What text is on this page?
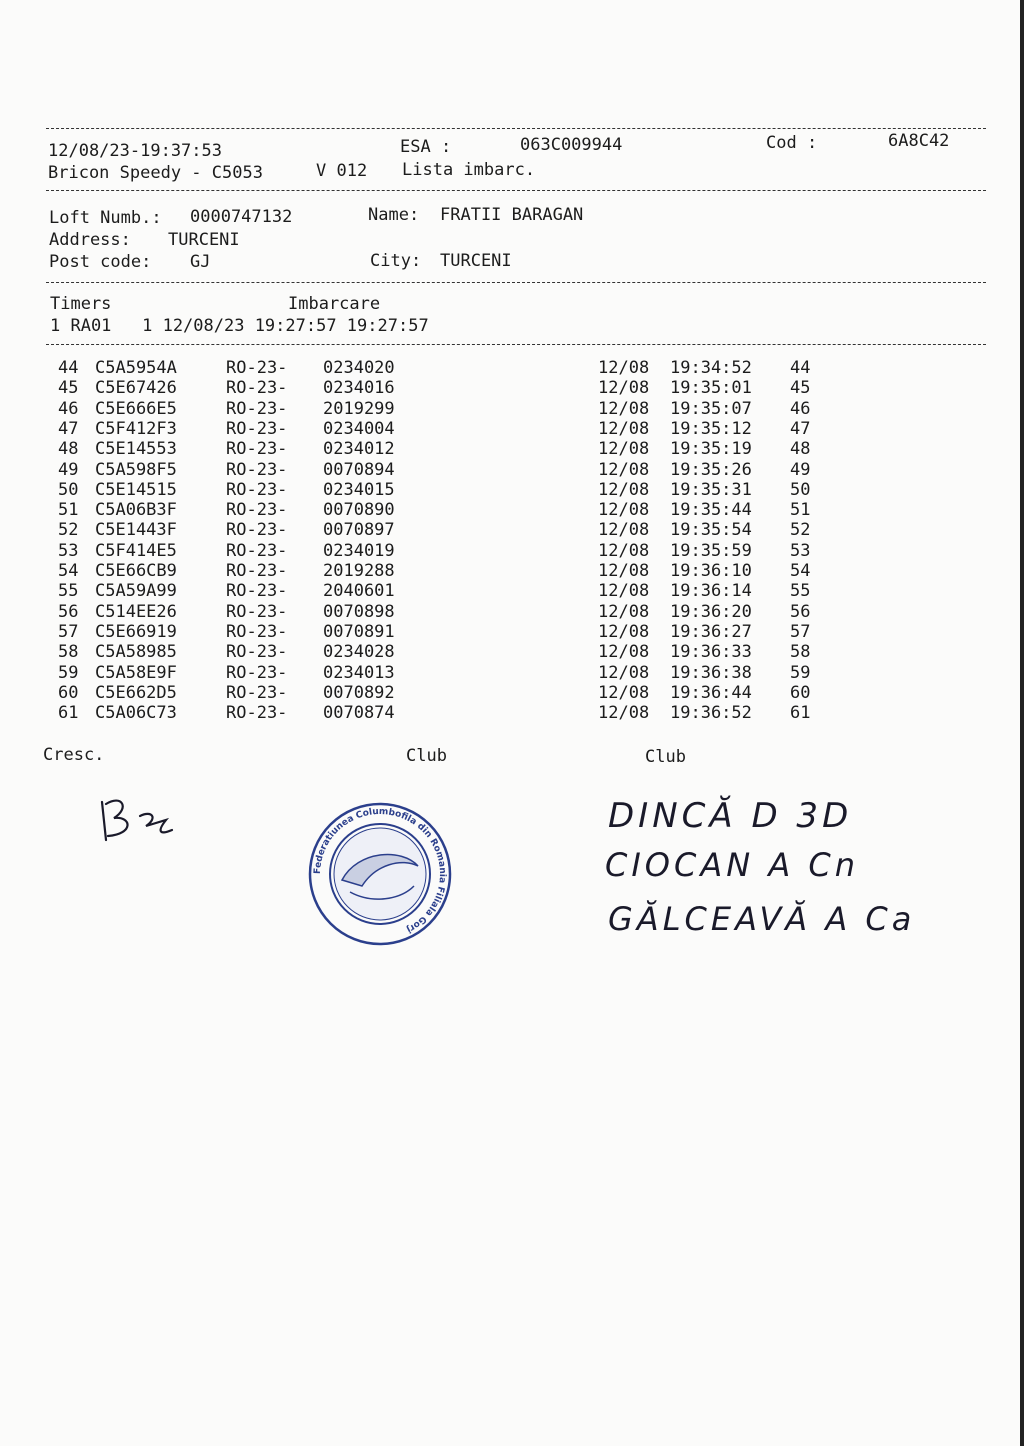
12/08/23-19:37:53	ESA :	063C009944	Cod :	6A8C42
Bricon Speedy - C5053	V 012 Lista imbarc.
Loft Numb.: 0000747132	Name: FRATII BARAGAN
Address: TURCENI
Post code: GJ	City: TURCENI
Timers	Imbarcare
1 RA01   1 12/08/23 19:27:57 19:27:57
44 C5A5954A	RO-23- 0234020	12/08 19:34:52 44
45 C5E67426	RO-23- 0234016	12/08 19:35:01 45
46 C5E666E5	RO-23- 2019299	12/08 19:35:07 46
47 C5F412F3	RO-23- 0234004	12/08 19:35:12 47
48 C5E14553	RO-23- 0234012	12/08 19:35:19 48
49 C5A598F5	RO-23- 0070894	12/08 19:35:26 49
50 C5E14515	RO-23- 0234015	12/08 19:35:31 50
51 C5A06B3F	RO-23- 0070890	12/08 19:35:44 51
52 C5E1443F	RO-23- 0070897	12/08 19:35:54 52
53 C5F414E5	RO-23- 0234019	12/08 19:35:59 53
54 C5E66CB9	RO-23- 2019288	12/08 19:36:10 54
55 C5A59A99	RO-23- 2040601	12/08 19:36:14 55
56 C514EE26	RO-23- 0070898	12/08 19:36:20 56
57 C5E66919	RO-23- 0070891	12/08 19:36:27 57
58 C5A58985	RO-23- 0234028	12/08 19:36:33 58
59 C5A58E9F	RO-23- 0234013	12/08 19:36:38 59
60 C5E662D5	RO-23- 0070892	12/08 19:36:44 60
61 C5A06C73	RO-23- 0070874	12/08 19:36:52 61
Cresc.	Club	Club
DINCĂ D 3D
CIOCAN A Cn
GĂLCEAVĂ A Ca
Federatiunea Columbofila din Romania Filiala Gorj
